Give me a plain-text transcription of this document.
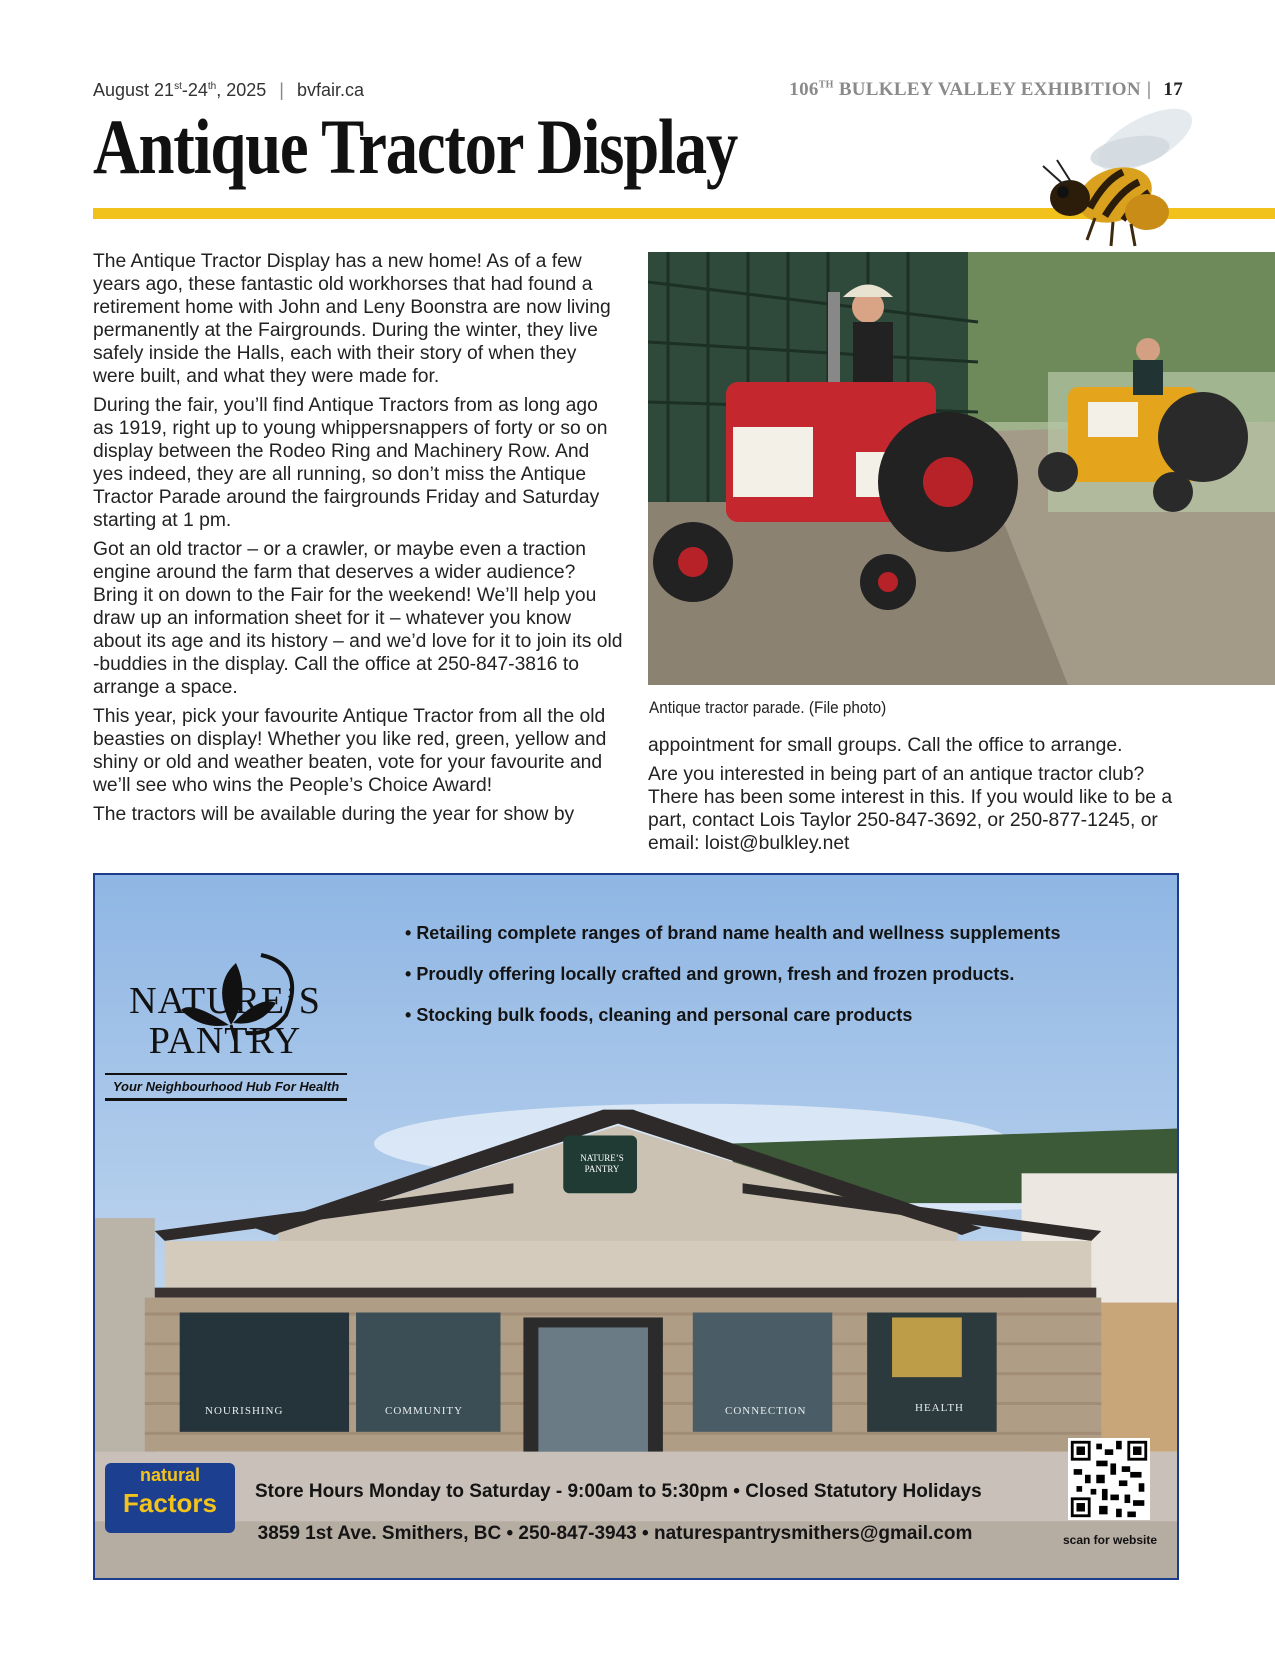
August 21st-24th, 2025 | bvfair.ca	106TH BULKLEY VALLEY EXHIBITION | 17
Antique Tractor Display

The Antique Tractor Display has a new home! As of a few years ago, these fantastic old workhorses that had found a retirement home with John and Leny Boonstra are now living permanently at the Fairgrounds. During the winter, they live safely inside the Halls, each with their story of when they were built, and what they were made for.

During the fair, you’ll find Antique Tractors from as long ago as 1919, right up to young whippersnappers of forty or so on display between the Rodeo Ring and Machinery Row. And yes indeed, they are all running, so don’t miss the Antique Tractor Parade around the fairgrounds Friday and Saturday starting at 1 pm.

Got an old tractor – or a crawler, or maybe even a traction engine around the farm that deserves a wider audience? Bring it on down to the Fair for the weekend! We’ll help you draw up an information sheet for it – whatever you know about its age and its history – and we’d love for it to join its old -buddies in the display. Call the office at 250-847-3816 to arrange a space.

This year, pick your favourite Antique Tractor from all the old beasties on display! Whether you like red, green, yellow and shiny or old and weather beaten, vote for your favourite and we’ll see who wins the People’s Choice Award!

The tractors will be available during the year for show by

Antique tractor parade. (File photo)

appointment for small groups. Call the office to arrange.

Are you interested in being part of an antique tractor club? There has been some interest in this. If you would like to be a part, contact Lois Taylor 250-847-3692, or 250-877-1245, or email: loist@bulkley.net

NOURISHING	COMMUNITY	CONNECTION	HEALTH
NATURE’S
PANTRY
NATURE’S
PANTRY
Your Neighbourhood Hub For Health
• Retailing complete ranges of brand name health and wellness supplements
• Proudly offering locally crafted and grown, fresh and frozen products.
• Stocking bulk foods, cleaning and personal care products
natural
Factors	Store Hours Monday to Saturday - 9:00am to 5:30pm • Closed Statutory Holidays
3859 1st Ave. Smithers, BC • 250-847-3943 • naturespantrysmithers@gmail.com	scan for website
